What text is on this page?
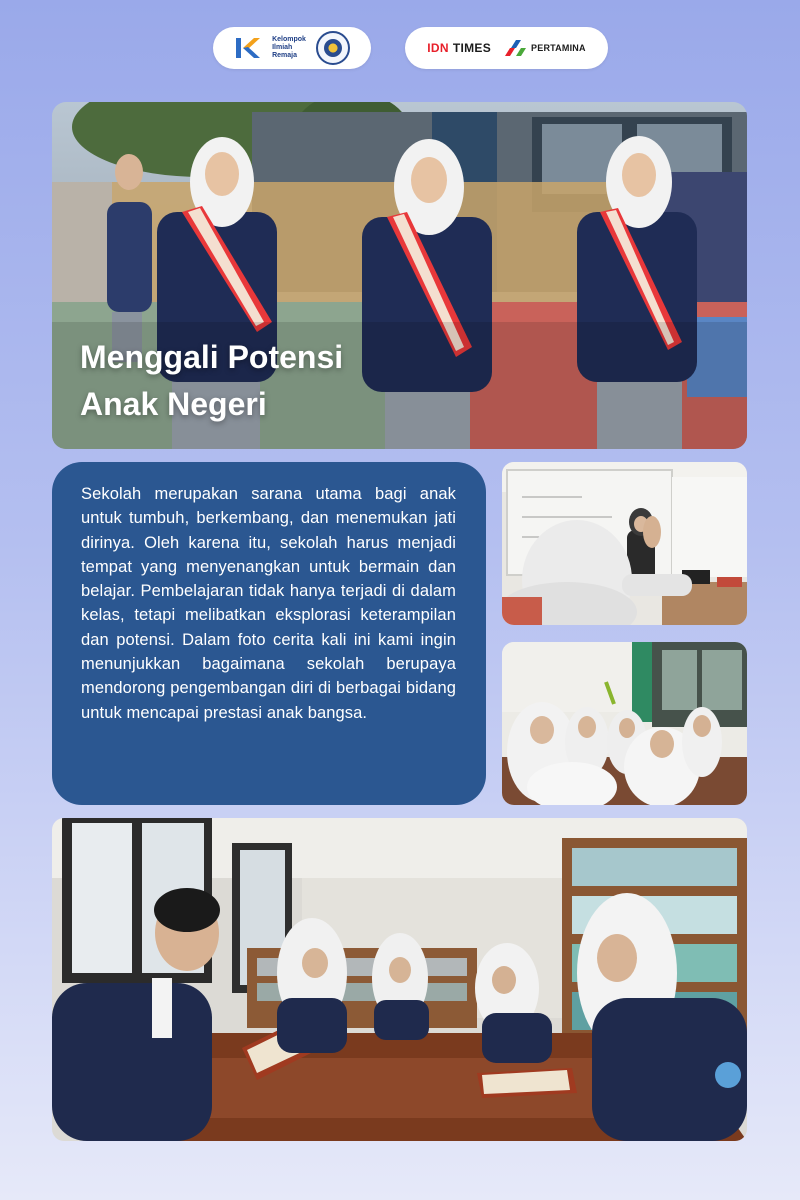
Kelompok
Ilmiah
Remaja
IDN TIMES	PERTAMINA
Menggali Potensi
Anak Negeri

Sekolah merupakan sarana utama bagi anak untuk tumbuh, berkembang, dan menemukan jati dirinya. Oleh karena itu, sekolah harus menjadi tempat yang menyenangkan untuk bermain dan belajar. Pembelajaran tidak hanya terjadi di dalam kelas, tetapi melibatkan eksplorasi keterampilan dan potensi. Dalam foto cerita kali ini kami ingin menunjukkan bagaimana sekolah berupaya mendorong pengembangan diri di berbagai bidang untuk mencapai prestasi anak bangsa.
